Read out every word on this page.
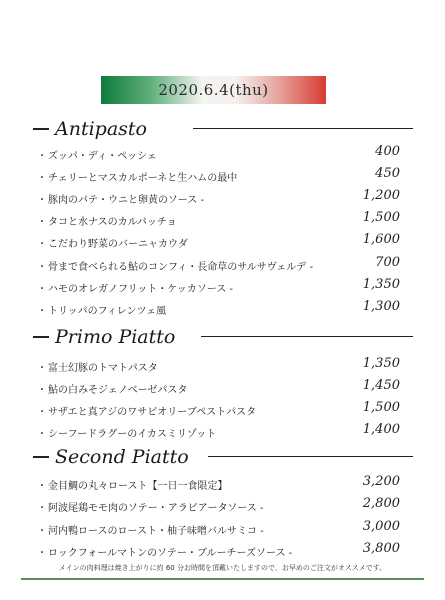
2020.6.4(thu)
Antipasto
・ ズッパ・ディ・ペッシェ	400
・ チェリーとマスカルポーネと生ハムの最中	450
・ 豚肉のパテ・ウニと卵黄のソース -	1,200
・ タコと水ナスのカルパッチョ	1,500
・ こだわり野菜のバーニャカウダ	1,600
・ 骨まで食べられる鮎のコンフィ・長命草のサルサヴェルデ -	700
・ ハモのオレガノフリット・ケッカソース -	1,350
・ トリッパのフィレンツェ風	1,300
Primo Piatto
・ 富士幻豚のトマトパスタ	1,350
・ 鮎の白みそジェノベーゼパスタ	1,450
・ サザエと真アジのワサビオリーブペストパスタ	1,500
・ シーフードラグーのイカスミリゾット	1,400
Second Piatto
・ 金目鯛の丸々ロースト【一日一食限定】	3,200
・ 阿波尾鶏モモ肉のソテー・アラビアータソース -	2,800
・ 河内鴨ロースのロースト・柚子味噌バルサミコ -	3,000
・ ロックフォールマトンのソテー・ブルーチーズソース -	3,800
メインの肉料理は焼き上がりに約 60 分お時間を頂戴いたしますので、お早めのご注文がオススメです。
